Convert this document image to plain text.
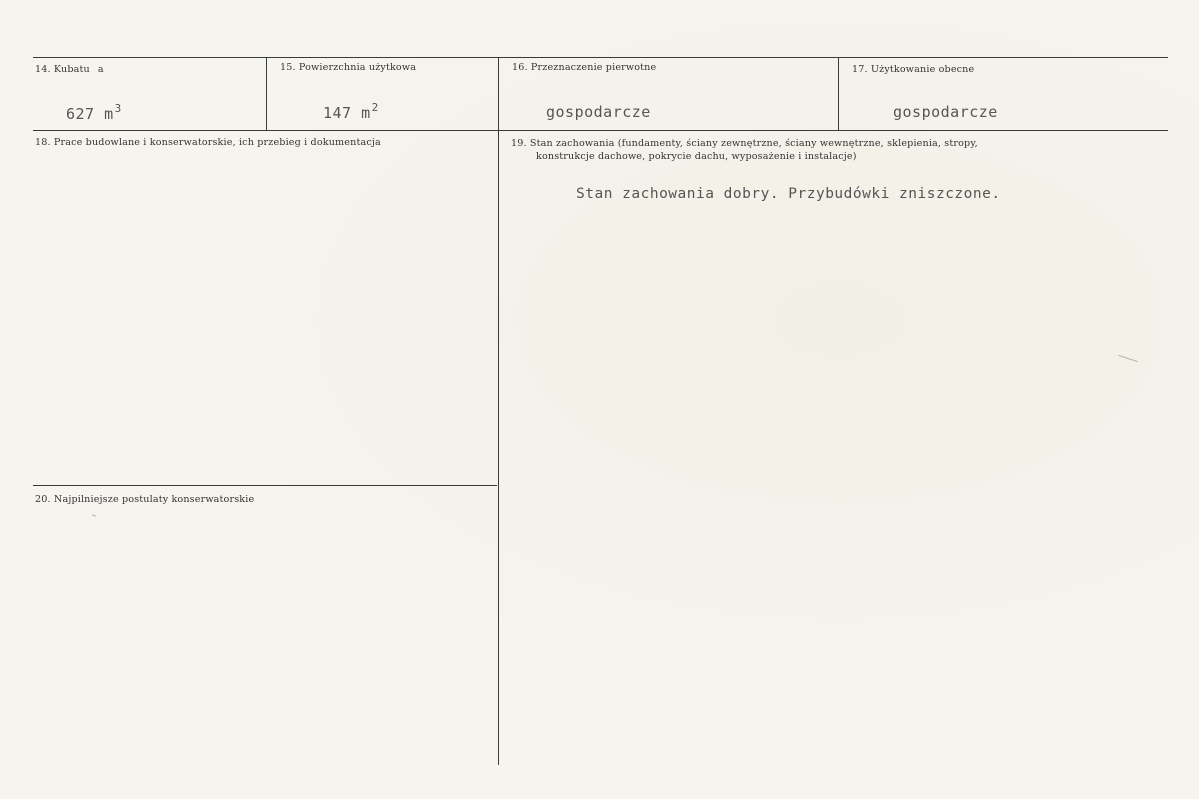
14. Kubatu a
627 $m^3$
15. Powierzchnia użytkowa
147 $m^2$
16. Przeznaczenie pierwotne
gospodarcze
17. Użytkowanie obecne
gospodarcze
18. Prace budowlane i konserwatorskie, ich przebieg i dokumentacja	19. Stan zachowania (fundamenty, ściany zewnętrzne, ściany wewnętrzne, sklepienia, stropy,
konstrukcje dachowe, pokrycie dachu, wyposażenie i instalacje)
Stan zachowania dobry. Przybudówki zniszczone.
20. Najpilniejsze postulaty konserwatorskie
